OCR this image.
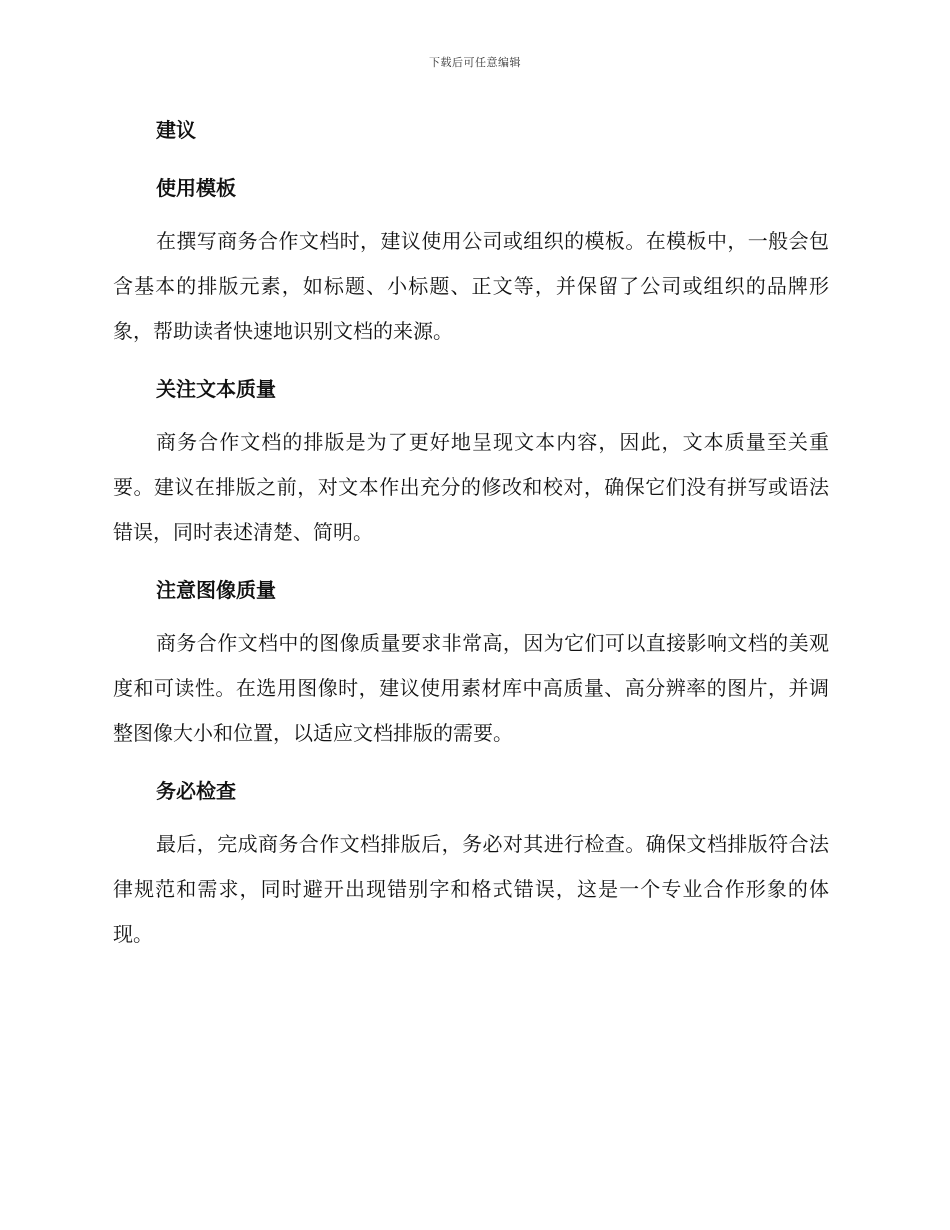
下载后可任意编辑
建议
使用模板

在撰写商务合作文档时，建议使用公司或组织的模板。在模板中，一般会包含基本的排版元素，如标题、小标题、正文等，并保留了公司或组织的品牌形象，帮助读者快速地识别文档的来源。

关注文本质量

商务合作文档的排版是为了更好地呈现文本内容，因此，文本质量至关重要。建议在排版之前，对文本作出充分的修改和校对，确保它们没有拼写或语法错误，同时表述清楚、简明。

注意图像质量

商务合作文档中的图像质量要求非常高，因为它们可以直接影响文档的美观度和可读性。在选用图像时，建议使用素材库中高质量、高分辨率的图片，并调整图像大小和位置，以适应文档排版的需要。

务必检查

最后，完成商务合作文档排版后，务必对其进行检查。确保文档排版符合法律规范和需求，同时避开出现错别字和格式错误，这是一个专业合作形象的体现。
